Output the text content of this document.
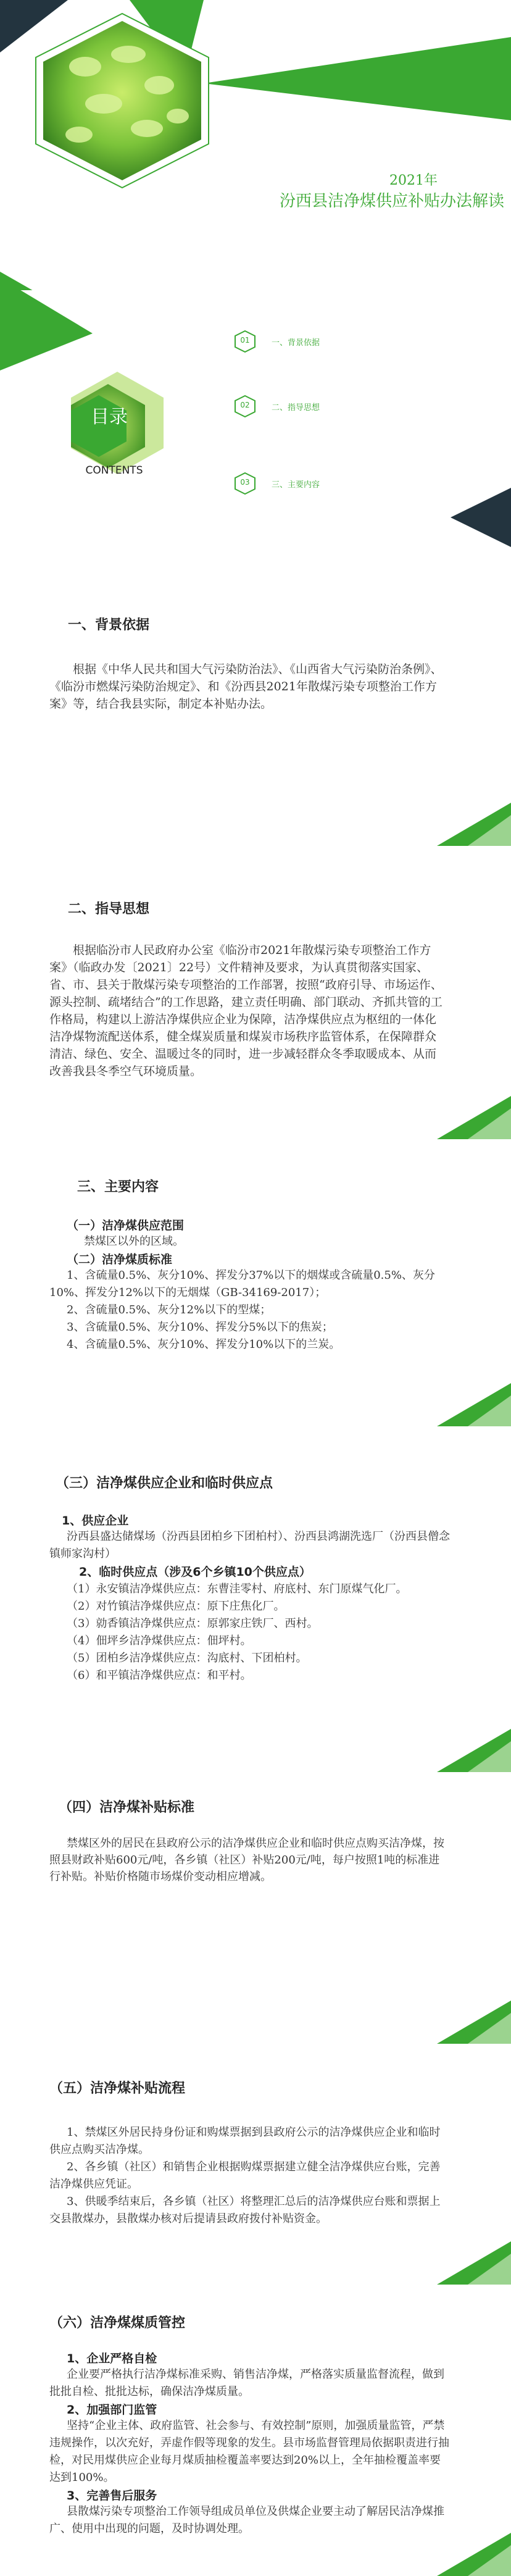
2021年
汾西县洁净煤供应补贴办法解读
目录
CONTENTS
01	一、背景依据
02	二、指导思想
03	三、主要内容
一、背景依据

根据《中华人民共和国大气污染防治法》、《山西省大气污染防治条例》、《临汾市燃煤污染防治规定》、和《汾西县2021年散煤污染专项整治工作方案》等，结合我县实际，制定本补贴办法。

二、指导思想

根据临汾市人民政府办公室《临汾市2021年散煤污染专项整治工作方案》（临政办发〔2021〕22号）文件精神及要求，为认真贯彻落实国家、省、市、县关于散煤污染专项整治的工作部署，按照“政府引导、市场运作、源头控制、疏堵结合”的工作思路，建立责任明确、部门联动、齐抓共管的工作格局，构建以上游洁净煤供应企业为保障，洁净煤供应点为枢纽的一体化洁净煤物流配送体系，健全煤炭质量和煤炭市场秩序监管体系，在保障群众清洁、绿色、安全、温暖过冬的同时，进一步减轻群众冬季取暖成本、从而改善我县冬季空气环境质量。

三、主要内容
（一）洁净煤供应范围
禁煤区以外的区域。
（二）洁净煤质标准
1、含硫量0.5%、灰分10%、挥发分37%以下的烟煤或含硫量0.5%、灰分10%、挥发分12%以下的无烟煤（GB-34169-2017）；
2、含硫量0.5%、灰分12%以下的型煤；
3、含硫量0.5%、灰分10%、挥发分5%以下的焦炭；
4、含硫量0.5%、灰分10%、挥发分10%以下的兰炭。
（三）洁净煤供应企业和临时供应点
1、供应企业
汾西县盛达储煤场（汾西县团柏乡下团柏村）、汾西县鸿湖洗选厂（汾西县僧念镇师家沟村）
2、临时供应点（涉及6个乡镇10个供应点）
（1）永安镇洁净煤供应点：东曹洼零村、府底村、东门原煤气化厂。
（2）对竹镇洁净煤供应点：原下庄焦化厂。
（3）勍香镇洁净煤供应点：原郭家庄铁厂、西村。
（4）佃坪乡洁净煤供应点：佃坪村。
（5）团柏乡洁净煤供应点：沟底村、下团柏村。
（6）和平镇洁净煤供应点：和平村。
（四）洁净煤补贴标准

禁煤区外的居民在县政府公示的洁净煤供应企业和临时供应点购买洁净煤，按照县财政补贴600元/吨，各乡镇（社区）补贴200元/吨，每户按照1吨的标准进行补贴。补贴价格随市场煤价变动相应增减。

（五）洁净煤补贴流程
1、禁煤区外居民持身份证和购煤票据到县政府公示的洁净煤供应企业和临时供应点购买洁净煤。
2、各乡镇（社区）和销售企业根据购煤票据建立健全洁净煤供应台账，完善洁净煤供应凭证。
3、供暖季结束后，各乡镇（社区）将整理汇总后的洁净煤供应台账和票据上交县散煤办，县散煤办核对后提请县政府拨付补贴资金。
（六）洁净煤煤质管控
1、企业严格自检
企业要严格执行洁净煤标准采购、销售洁净煤，严格落实质量监督流程，做到批批自检、批批达标，确保洁净煤质量。
2、加强部门监管
坚持“企业主体、政府监管、社会参与、有效控制”原则，加强质量监管，严禁违规操作，以次充好，弄虚作假等现象的发生。县市场监督管理局依据职责进行抽检，对民用煤供应企业每月煤质抽检覆盖率要达到20%以上，全年抽检覆盖率要达到100%。
3、完善售后服务
县散煤污染专项整治工作领导组成员单位及供煤企业要主动了解居民洁净煤推广、使用中出现的问题，及时协调处理。
